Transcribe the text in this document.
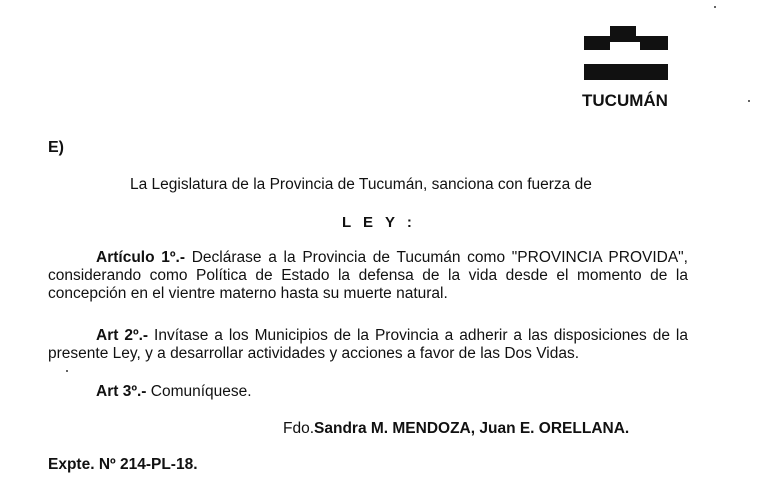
TUCUMÁN
E)
La Legislatura de la Provincia de Tucumán, sanciona con fuerza de
L E Y :
Artículo 1º.- Declárase a la Provincia de Tucumán como "PROVINCIA PROVIDA",
considerando como Política de Estado la defensa de la vida desde el momento de la
concepción en el vientre materno hasta su muerte natural.
Art 2º.- Invítase a los Municipios de la Provincia a adherir a las disposiciones de la
presente Ley, y a desarrollar actividades y acciones a favor de las Dos Vidas.
Art 3º.- Comuníquese.
Fdo.Sandra M. MENDOZA, Juan E. ORELLANA.
Expte. Nº 214-PL-18.
